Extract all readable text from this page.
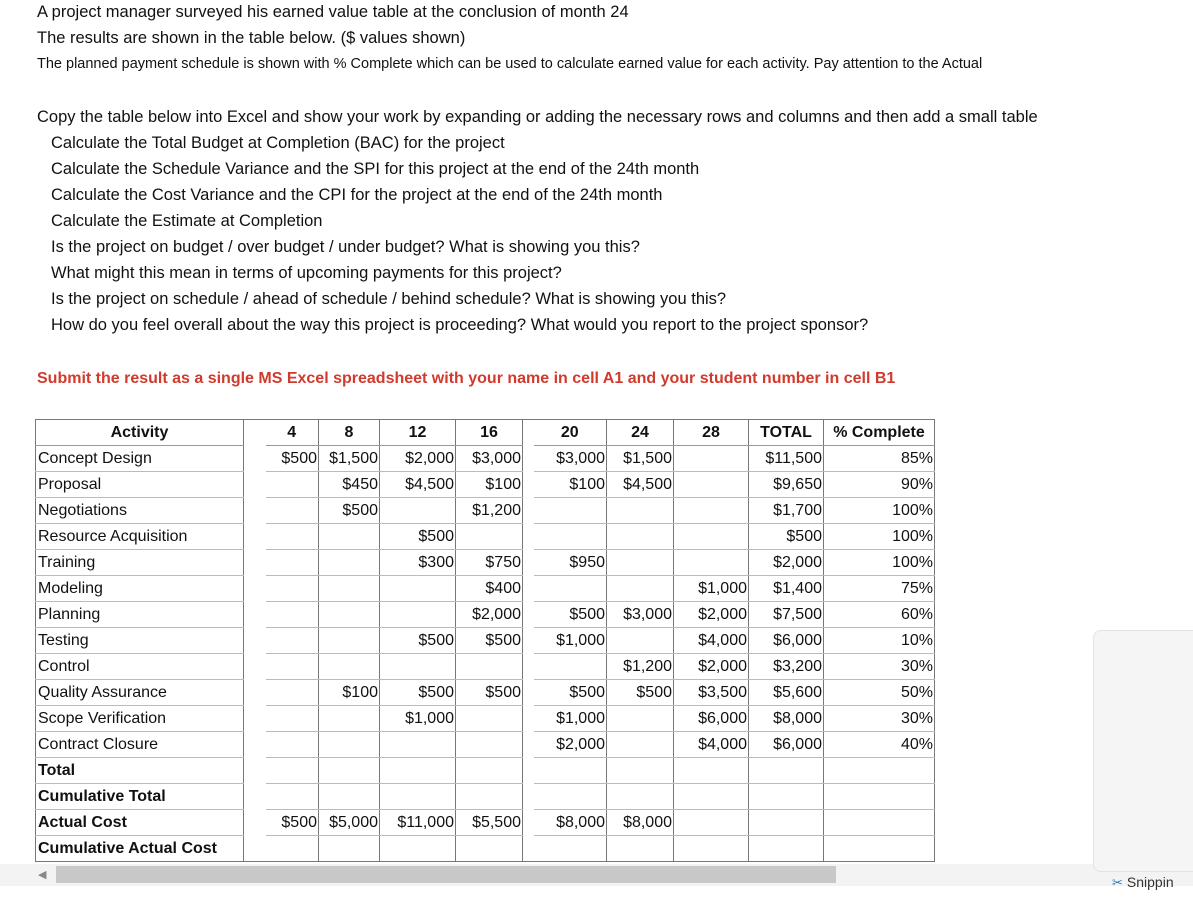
A project manager surveyed his earned value table at the conclusion of month 24
The results are shown in the table below. ($ values shown)
The planned payment schedule is shown with % Complete which can be used to calculate earned value for each activity. Pay attention to the Actual
Copy the table below into Excel and show your work by expanding or adding the necessary rows and columns and then add a small table
Calculate the Total Budget at Completion (BAC) for the project
Calculate the Schedule Variance and the SPI for this project at the end of the 24th month
Calculate the Cost Variance and the CPI for the project at the end of the 24th month
Calculate the Estimate at Completion
Is the project on budget / over budget / under budget? What is showing you this?
What might this mean in terms of upcoming payments for this project?
Is the project on schedule / ahead of schedule / behind schedule? What is showing you this?
How do you feel overall about the way this project is proceeding? What would you report to the project sponsor?
Submit the result as a single MS Excel spreadsheet with your name in cell A1 and your student number in cell B1
Activity		4	8	12	16		20	24	28	TOTAL	% Complete
Concept Design		$500	$1,500	$2,000	$3,000		$3,000	$1,500		$11,500	85%
Proposal			$450	$4,500	$100		$100	$4,500		$9,650	90%
Negotiations			$500		$1,200					$1,700	100%
Resource Acquisition				$500						$500	100%
Training				$300	$750		$950			$2,000	100%
Modeling					$400				$1,000	$1,400	75%
Planning					$2,000		$500	$3,000	$2,000	$7,500	60%
Testing				$500	$500		$1,000		$4,000	$6,000	10%
Control								$1,200	$2,000	$3,200	30%
Quality Assurance			$100	$500	$500		$500	$500	$3,500	$5,600	50%
Scope Verification				$1,000			$1,000		$6,000	$8,000	30%
Contract Closure							$2,000		$4,000	$6,000	40%
Total											
Cumulative Total											
Actual Cost		$500	$5,000	$11,000	$5,500		$8,000	$8,000			
Cumulative Actual Cost											
◀	✂ Snippin
